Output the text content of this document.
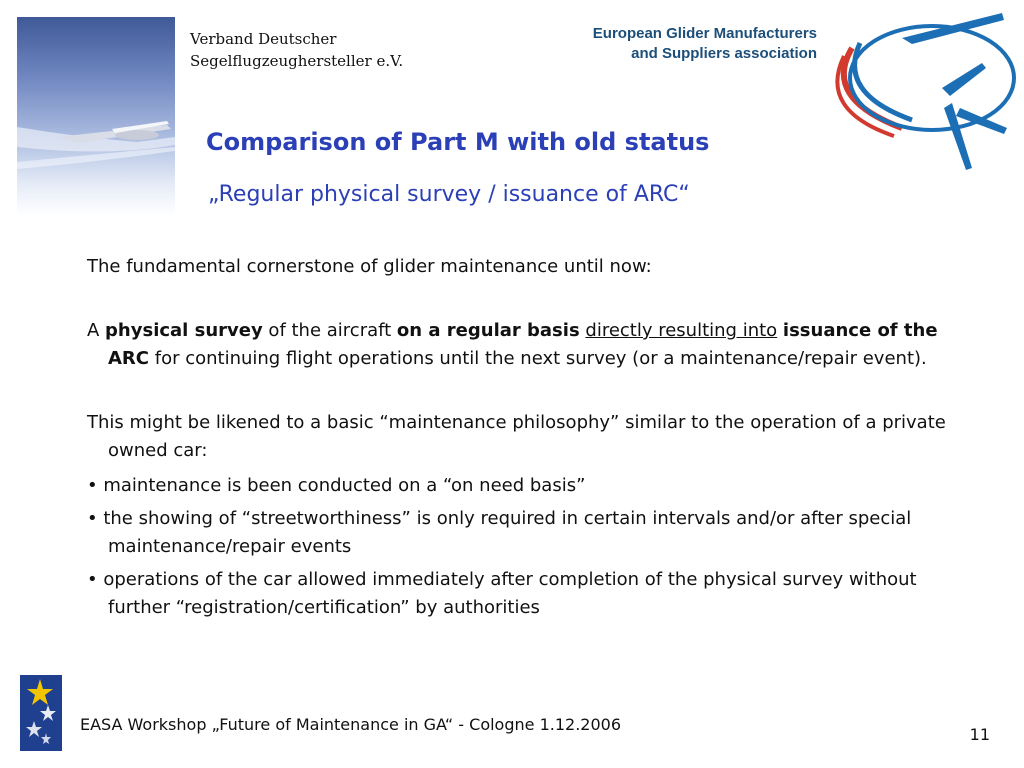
Verband Deutscher
Segelflugzeughersteller e.V.
European Glider Manufacturers
and Suppliers association
Comparison of Part M with old status
„Regular physical survey / issuance of ARC“

The fundamental cornerstone of glider maintenance until now:

A physical survey of the aircraft on a regular basis directly resulting into issuance of the ARC for continuing flight operations until the next survey (or a maintenance/repair event).

This might be likened to a basic “maintenance philosophy” similar to the operation of a private owned car:

• maintenance is been conducted on a “on need basis”

• the showing of “streetworthiness” is only required in certain intervals and/or after special maintenance/repair events

• operations of the car allowed immediately after completion of the physical survey without further “registration/certification” by authorities

EASA Workshop „Future of Maintenance in GA“ - Cologne 1.12.2006
11
